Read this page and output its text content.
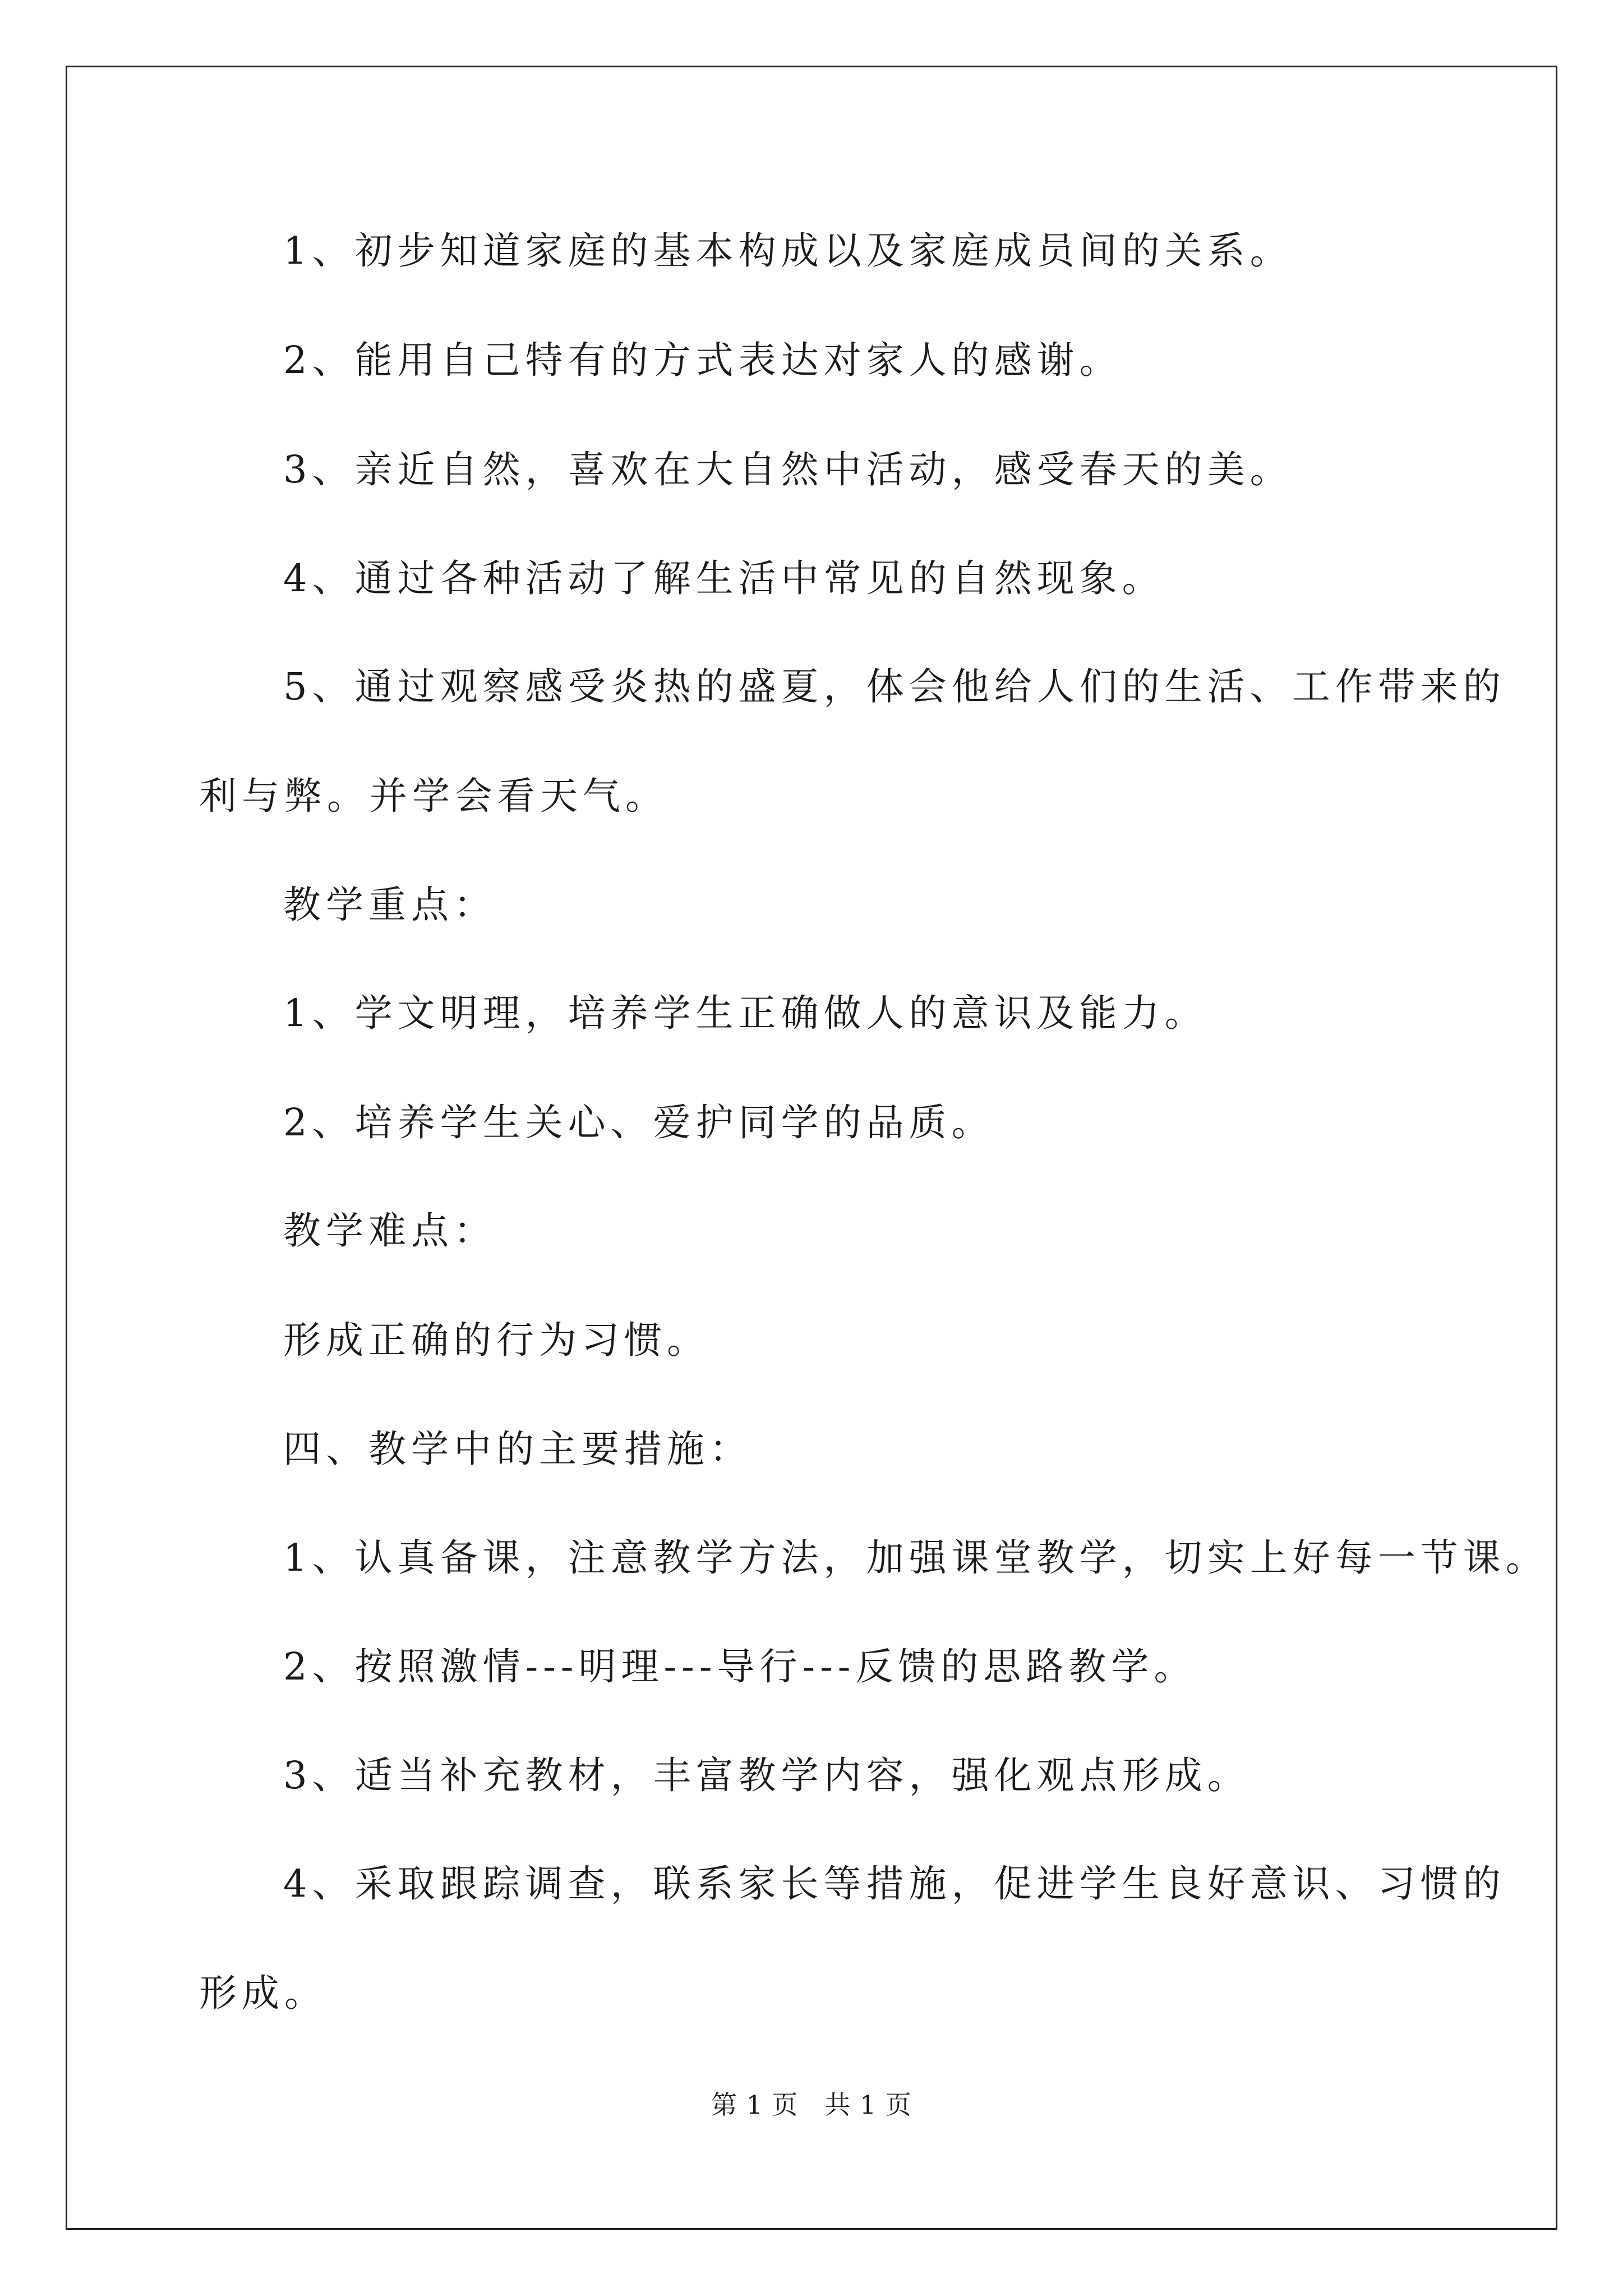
1、初步知道家庭的基本构成以及家庭成员间的关系。
2、能用自己特有的方式表达对家人的感谢。
3、亲近自然，喜欢在大自然中活动，感受春天的美。
4、通过各种活动了解生活中常见的自然现象。
5、通过观察感受炎热的盛夏，体会他给人们的生活、工作带来的
利与弊。并学会看天气。
教学重点：
1、学文明理，培养学生正确做人的意识及能力。
2、培养学生关心、爱护同学的品质。
教学难点：
形成正确的行为习惯。
四、教学中的主要措施：
1、认真备课，注意教学方法，加强课堂教学，切实上好每一节课。
2、按照激情---明理---导行---反馈的思路教学。
3、适当补充教材，丰富教学内容，强化观点形成。
4、采取跟踪调查，联系家长等措施，促进学生良好意识、习惯的
形成。
第 1 页   共 1 页
